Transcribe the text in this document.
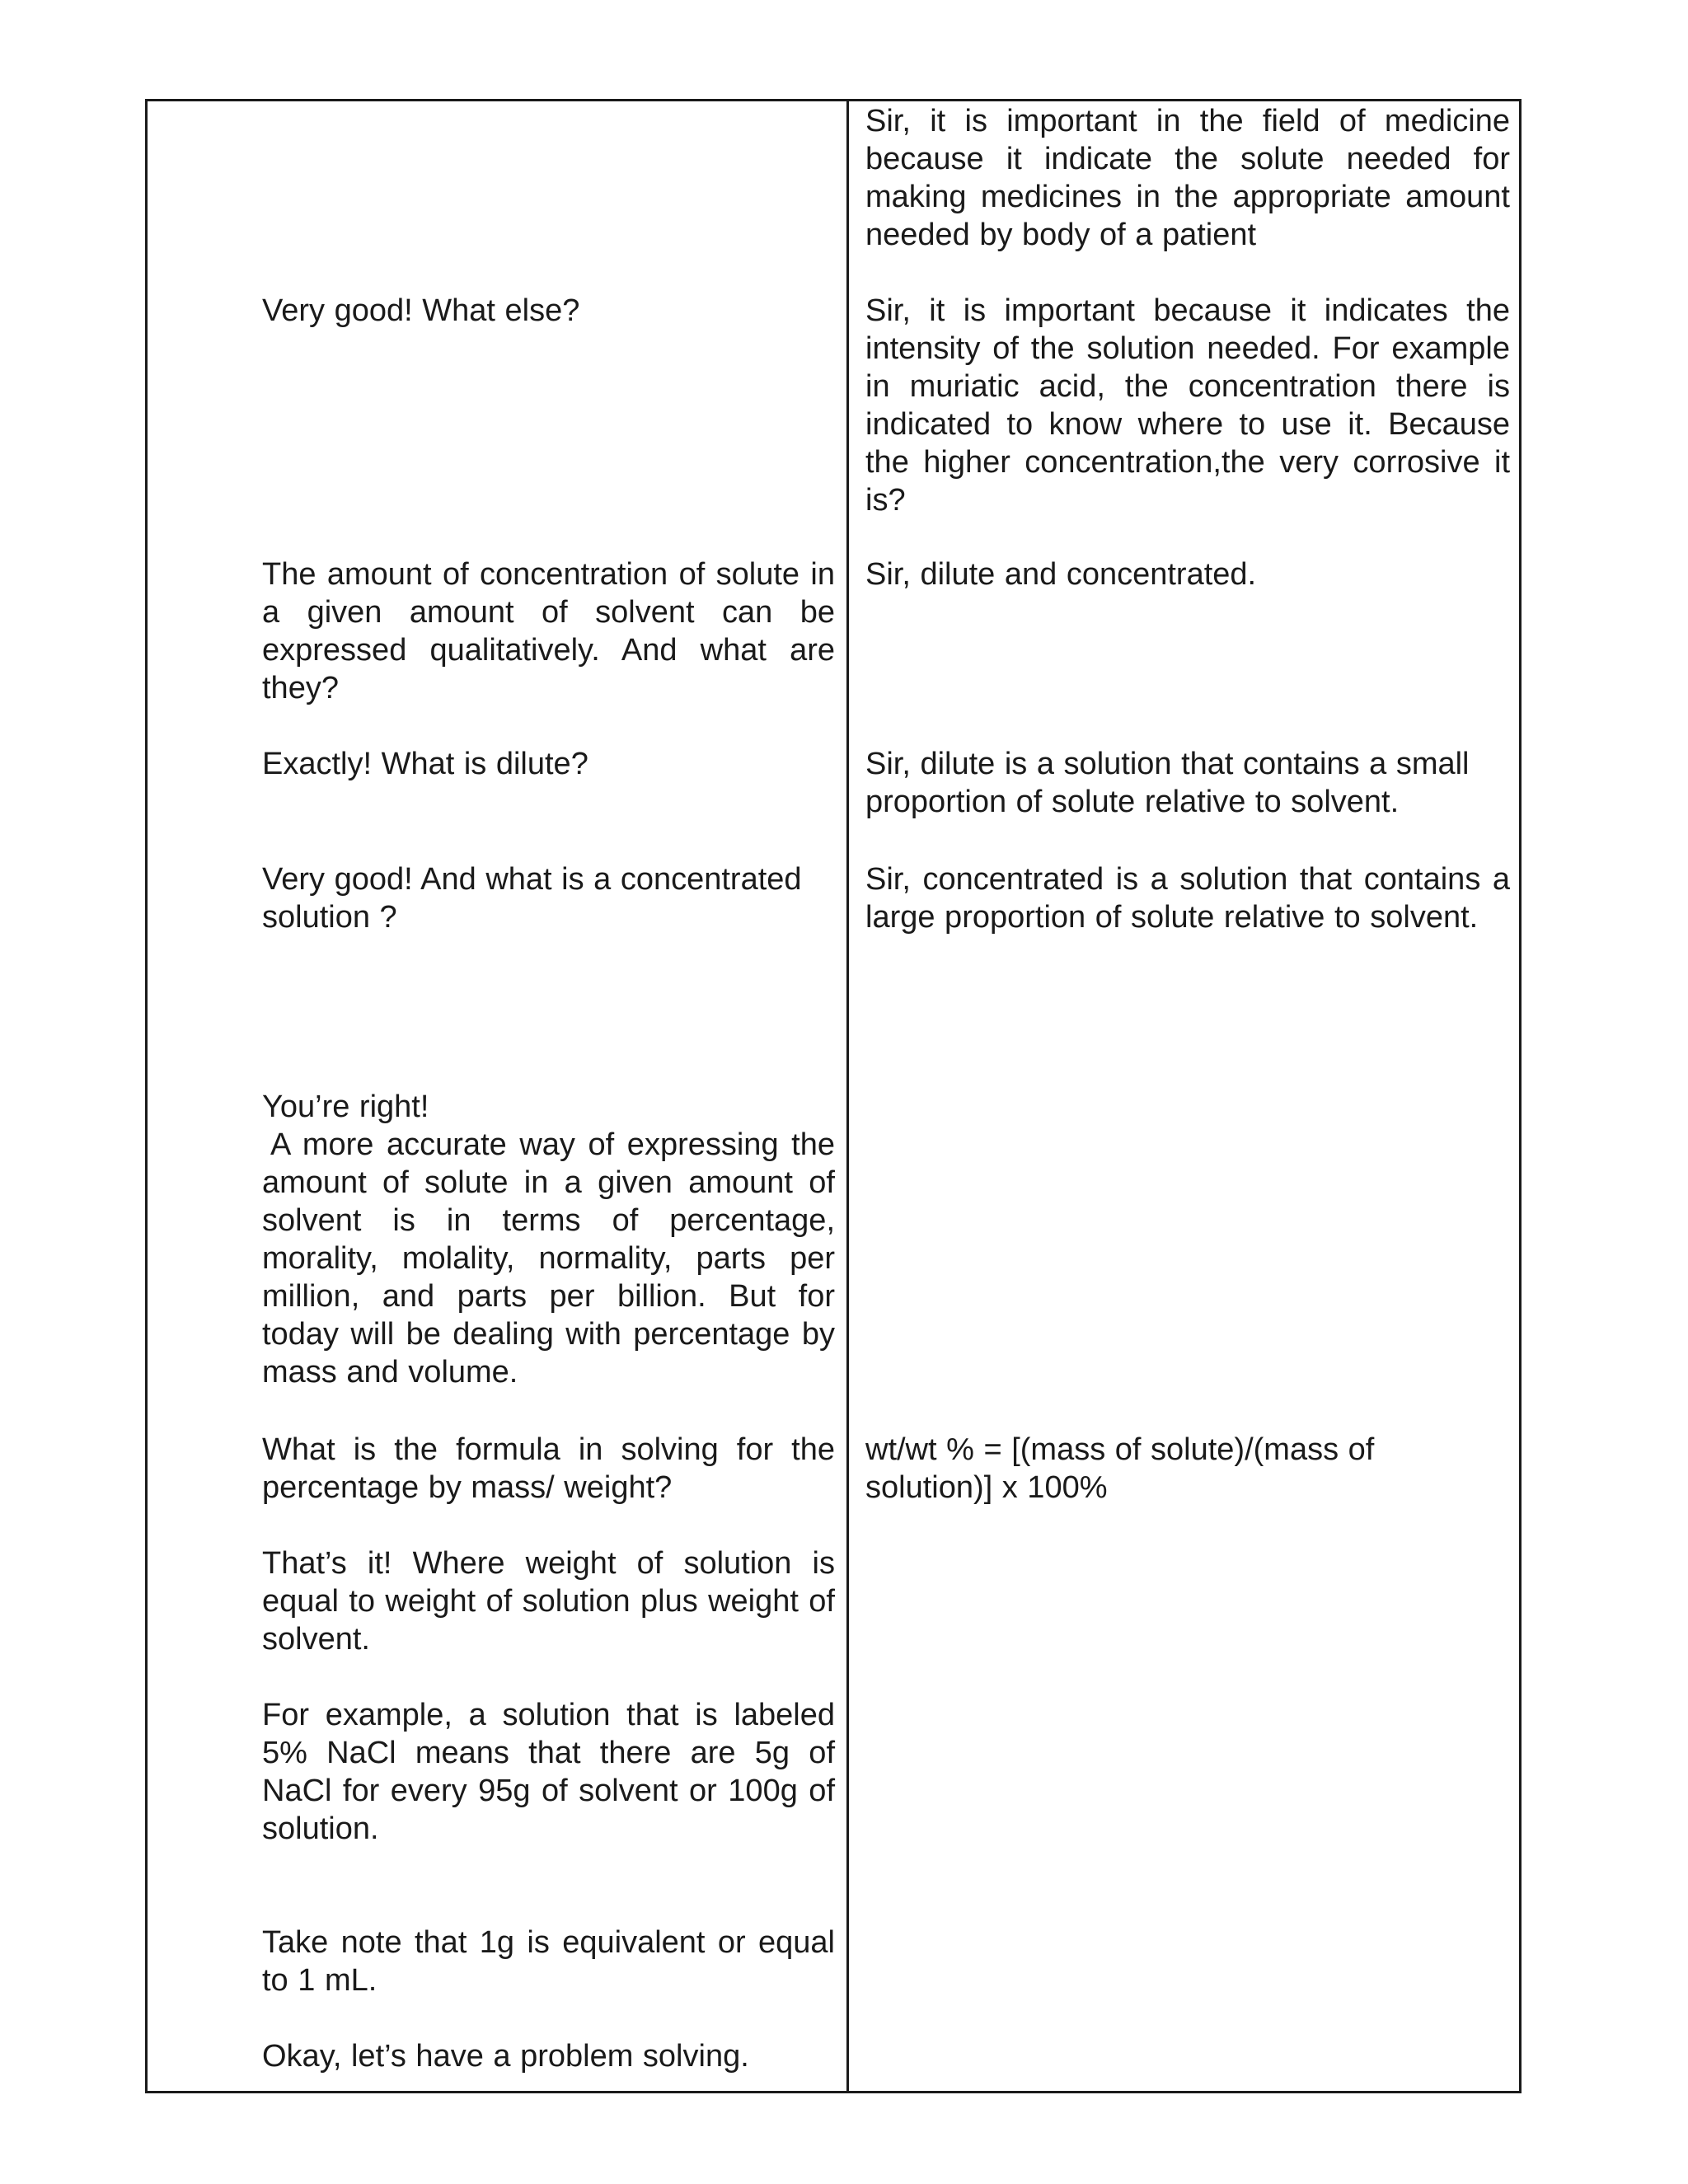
Sir, it is important in the field of medicine because it indicate the solute needed for making medicines in the appropriate amount needed by body of a patient
Very good! What else?	Sir, it is important because it indicates the intensity of the solution needed. For example in muriatic acid, the concentration there is indicated to know where to use it. Because the higher concentration,the very corrosive it is?
The amount of concentration of solute in a given amount of solvent can be expressed qualitatively. And what are they?
Sir, dilute and concentrated.
Exactly! What is dilute?	Sir, dilute is a solution that contains a small proportion of solute relative to solvent.
Very good! And what is a concentrated solution ?
Sir, concentrated is a solution that contains a large proportion of solute relative to solvent.
You’re right!
A more accurate way of expressing the amount of solute in a given amount of solvent is in terms of percentage, morality, molality, normality, parts per million, and parts per billion. But for today will be dealing with percentage by mass and volume.
What is the formula in solving for the percentage by mass/ weight?
wt/wt % = [(mass of solute)/(mass of solution)] x 100%
That’s it! Where weight of solution is equal to weight of solution plus weight of solvent.
For example, a solution that is labeled 5% NaCl means that there are 5g of NaCl for every 95g of solvent or 100g of solution.
Take note that 1g is equivalent or equal to 1 mL.
Okay, let’s have a problem solving.
